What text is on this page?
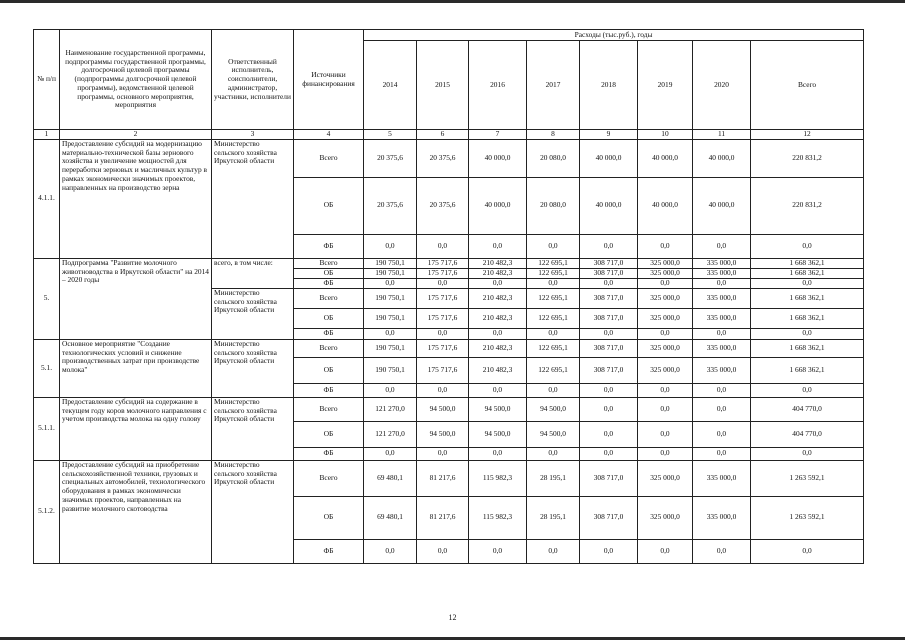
№ п/п	Наименование государственной программы, подпрограммы государственной программы, долгосрочной целевой программы (подпрограммы долгосрочной целевой программы), ведомственной целевой программы, основного мероприятия, мероприятия	Ответственный исполнитель, соисполнители, администратор, участники, исполнители	Источники финансирования	Расходы (тыс.руб.), годы							
				2014	2015	2016	2017	2018	2019	2020	Всего
1	2	3	4	5	6	7	8	9	10	11	12
4.1.1.	Предоставление субсидий на модернизацию материально-технической базы зернового хозяйства и увеличение мощностей для переработки зерновых и масличных культур в рамках экономически значимых проектов, направленных на производство зерна	Министерство сельского хозяйства Иркутской области	Всего	20 375,6	20 375,6	40 000,0	20 080,0	40 000,0	40 000,0	40 000,0	220 831,2
			ОБ	20 375,6	20 375,6	40 000,0	20 080,0	40 000,0	40 000,0	40 000,0	220 831,2
			ФБ	0,0	0,0	0,0	0,0	0,0	0,0	0,0	0,0
5.	Подпрограмма "Развитие молочного животноводства в Иркутской области" на 2014 – 2020 годы	всего, в том числе:	Всего	190 750,1	175 717,6	210 482,3	122 695,1	308 717,0	325 000,0	335 000,0	1 668 362,1
			ОБ	190 750,1	175 717,6	210 482,3	122 695,1	308 717,0	325 000,0	335 000,0	1 668 362,1
			ФБ	0,0	0,0	0,0	0,0	0,0	0,0	0,0	0,0
		Министерство сельского хозяйства Иркутской области	Всего	190 750,1	175 717,6	210 482,3	122 695,1	308 717,0	325 000,0	335 000,0	1 668 362,1
			ОБ	190 750,1	175 717,6	210 482,3	122 695,1	308 717,0	325 000,0	335 000,0	1 668 362,1
			ФБ	0,0	0,0	0,0	0,0	0,0	0,0	0,0	0,0
5.1.	Основное мероприятие "Создание технологических условий и снижение производственных затрат при производстве молока"	Министерство сельского хозяйства Иркутской области	Всего	190 750,1	175 717,6	210 482,3	122 695,1	308 717,0	325 000,0	335 000,0	1 668 362,1
			ОБ	190 750,1	175 717,6	210 482,3	122 695,1	308 717,0	325 000,0	335 000,0	1 668 362,1
			ФБ	0,0	0,0	0,0	0,0	0,0	0,0	0,0	0,0
5.1.1.	Предоставление субсидий на содержание в текущем году коров молочного направления с учетом производства молока на одну голову	Министерство сельского хозяйства Иркутской области	Всего	121 270,0	94 500,0	94 500,0	94 500,0	0,0	0,0	0,0	404 770,0
			ОБ	121 270,0	94 500,0	94 500,0	94 500,0	0,0	0,0	0,0	404 770,0
			ФБ	0,0	0,0	0,0	0,0	0,0	0,0	0,0	0,0
5.1.2.	Предоставление субсидий на приобретение сельскохозяйственной техники, грузовых и специальных автомобилей, технологического оборудования в рамках экономически значимых проектов, направленных на развитие молочного скотоводства	Министерство сельского хозяйства Иркутской области	Всего	69 480,1	81 217,6	115 982,3	28 195,1	308 717,0	325 000,0	335 000,0	1 263 592,1
			ОБ	69 480,1	81 217,6	115 982,3	28 195,1	308 717,0	325 000,0	335 000,0	1 263 592,1
			ФБ	0,0	0,0	0,0	0,0	0,0	0,0	0,0	0,0
12
